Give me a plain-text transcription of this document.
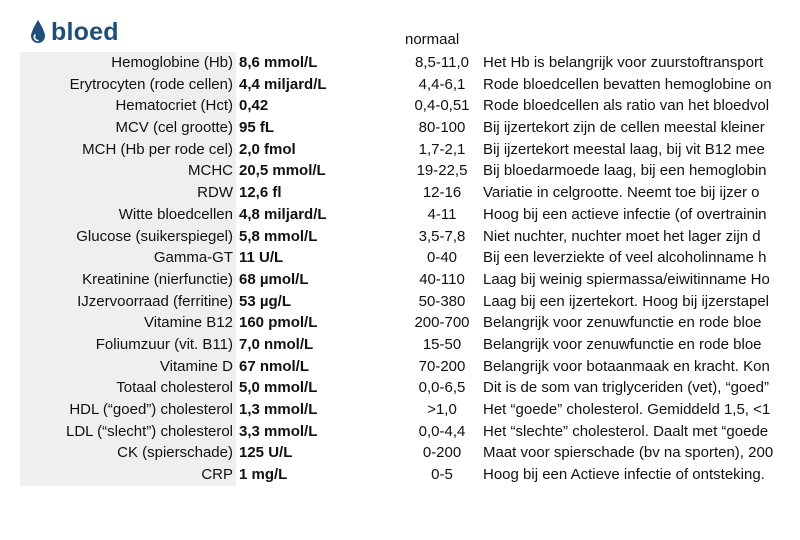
bloed	normaal
Hemoglobine (Hb) 8,6 mmol/L	8,5-11,0 Het Hb is belangrijk voor zuurstoftransport
Erytrocyten (rode cellen) 4,4 miljard/L	4,4-6,1	Rode bloedcellen bevatten hemoglobine on
Hematocriet (Hct) 0,42	0,4-0,51 Rode bloedcellen als ratio van het bloedvol
MCV (cel grootte) 95 fL	80-100	Bij ijzertekort zijn de cellen meestal kleiner
MCH (Hb per rode cel) 2,0 fmol	1,7-2,1	Bij ijzertekort meestal laag, bij vit B12 mee
MCHC 20,5 mmol/L	19-22,5	Bij bloedarmoede laag, bij een hemoglobin
RDW 12,6 fl	12-16	Variatie in celgrootte. Neemt toe bij ijzer o
Witte bloedcellen 4,8 miljard/L	4-11	Hoog bij een actieve infectie (of overtrainin
Glucose (suikerspiegel) 5,8 mmol/L	3,5-7,8	Niet nuchter, nuchter moet het lager zijn d
Gamma-GT 11 U/L	0-40	Bij een leverziekte of veel alcoholinname h
Kreatinine (nierfunctie) 68 µmol/L	40-110	Laag bij weinig spiermassa/eiwitinname Ho
IJzervoorraad (ferritine) 53 µg/L	50-380	Laag bij een ijzertekort. Hoog bij ijzerstapel
Vitamine B12 160 pmol/L	200-700 Belangrijk voor zenuwfunctie en rode bloe
Foliumzuur (vit. B11) 7,0 nmol/L	15-50	Belangrijk voor zenuwfunctie en rode bloe
Vitamine D 67 nmol/L	70-200	Belangrijk voor botaanmaak en kracht. Kon
Totaal cholesterol 5,0 mmol/L	0,0-6,5	Dit is de som van triglyceriden (vet), “goed”
HDL (“goed”) cholesterol 1,3 mmol/L	>1,0	Het “goede” cholesterol. Gemiddeld 1,5, <1
LDL (“slecht”) cholesterol 3,3 mmol/L	0,0-4,4	Het “slechte” cholesterol. Daalt met “goede
CK (spierschade) 125 U/L	0-200	Maat voor spierschade (bv na sporten), 200
CRP 1 mg/L	0-5	Hoog bij een Actieve infectie of ontsteking.
